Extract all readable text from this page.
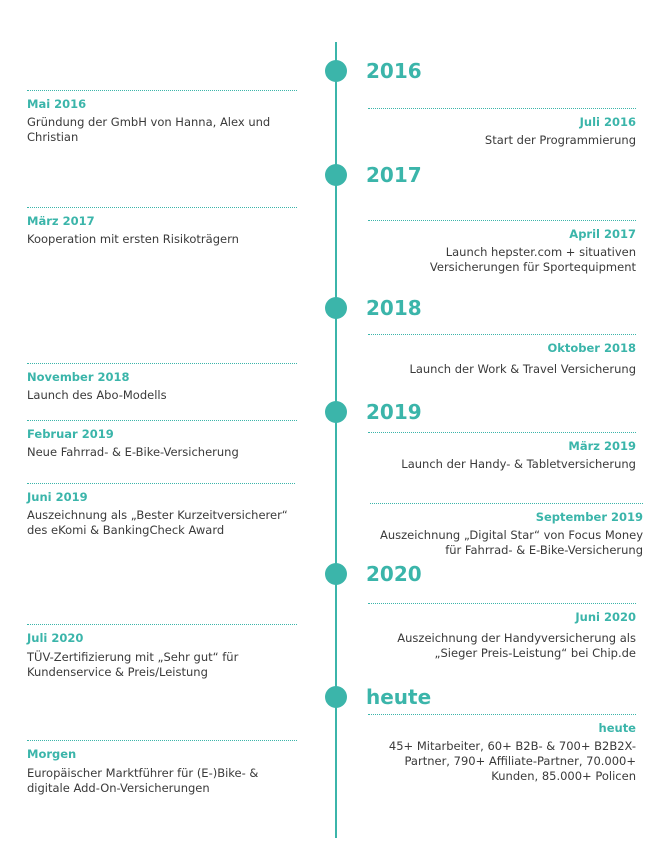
2016
2017
2018
2019
2020
heute
Mai 2016
Gründung der GmbH von Hanna, Alex und Christian
Juli 2016
Start der Programmierung
März 2017
Kooperation mit ersten Risikoträgern	April 2017
Launch hepster.com + situativen Versicherungen für Sportequipment
Oktober 2018
Launch der Work & Travel Versicherung
November 2018
Launch des Abo-Modells
Februar 2019
Neue Fahrrad- & E-Bike-Versicherung	März 2019
Launch der Handy- & Tabletversicherung
Juni 2019
Auszeichnung als „Bester Kurzeitversicherer“ des eKomi & BankingCheck Award
September 2019
Auszeichnung „Digital Star“ von Focus Money für Fahrrad- & E-Bike-Versicherung
Juni 2020
Auszeichnung der Handyversicherung als „Sieger Preis-Leistung“ bei Chip.de
Juli 2020
TÜV-Zertifizierung mit „Sehr gut“ für Kundenservice & Preis/Leistung
heute
45+ Mitarbeiter, 60+ B2B- & 700+ B2B2X-Partner, 790+ Affiliate-Partner, 70.000+ Kunden, 85.000+ Policen
Morgen
Europäischer Marktführer für (E-)Bike- & digitale Add-On-Versicherungen
